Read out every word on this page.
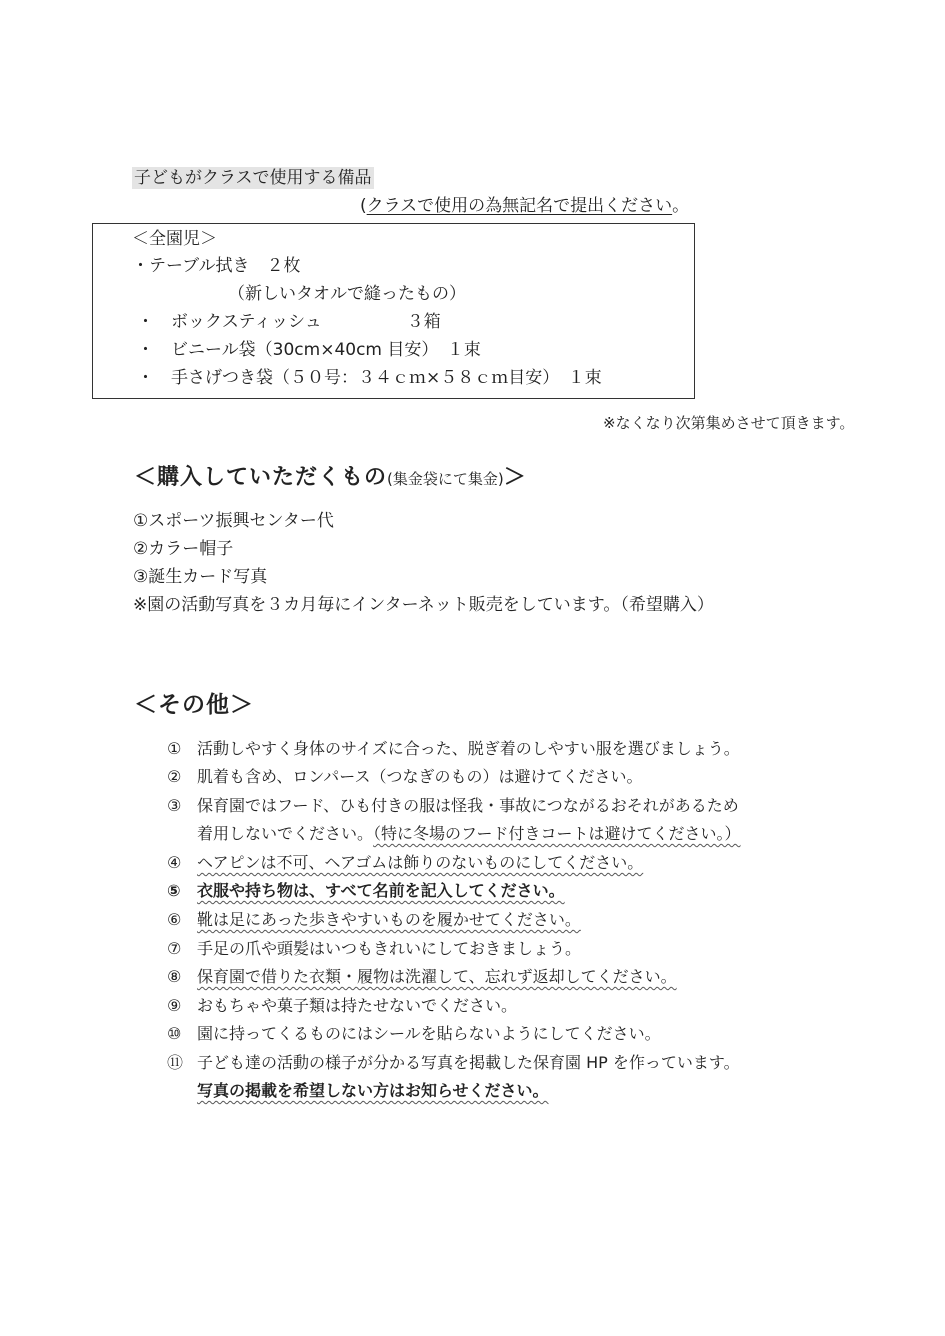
子どもがクラスで使用する備品
(クラスで使用の為無記名で提出ください。
＜全園児＞
・テーブル拭き　２枚
（新しいタオルで縫ったもの）
・　ボックスティッシュ　　　　　３箱
・　ビニール袋（30cm×40cm 目安）　１束
・　手さげつき袋（５０号：３４ｃｍ×５８ｃｍ目安）　１束
※なくなり次第集めさせて頂きます。
＜購入していただくもの(集金袋にて集金)＞
①スポーツ振興センター代
②カラー帽子
③誕生カード写真
※園の活動写真を３カ月毎にインターネット販売をしています。（希望購入）
＜その他＞
① 活動しやすく身体のサイズに合った、脱ぎ着のしやすい服を選びましょう。
② 肌着も含め、ロンパース（つなぎのもの）は避けてください。
③ 保育園ではフード、ひも付きの服は怪我・事故につながるおそれがあるため
着用しないでください。（特に冬場のフード付きコートは避けてください。）
④ ヘアピンは不可、ヘアゴムは飾りのないものにしてください。
⑤ 衣服や持ち物は、すべて名前を記入してください。
⑥ 靴は足にあった歩きやすいものを履かせてください。
⑦ 手足の爪や頭髪はいつもきれいにしておきましょう。
⑧ 保育園で借りた衣類・履物は洗濯して、忘れず返却してください。
⑨ おもちゃや菓子類は持たせないでください。
⑩ 園に持ってくるものにはシールを貼らないようにしてください。
⑪ 子ども達の活動の様子が分かる写真を掲載した保育園 HP を作っています。
写真の掲載を希望しない方はお知らせください。
